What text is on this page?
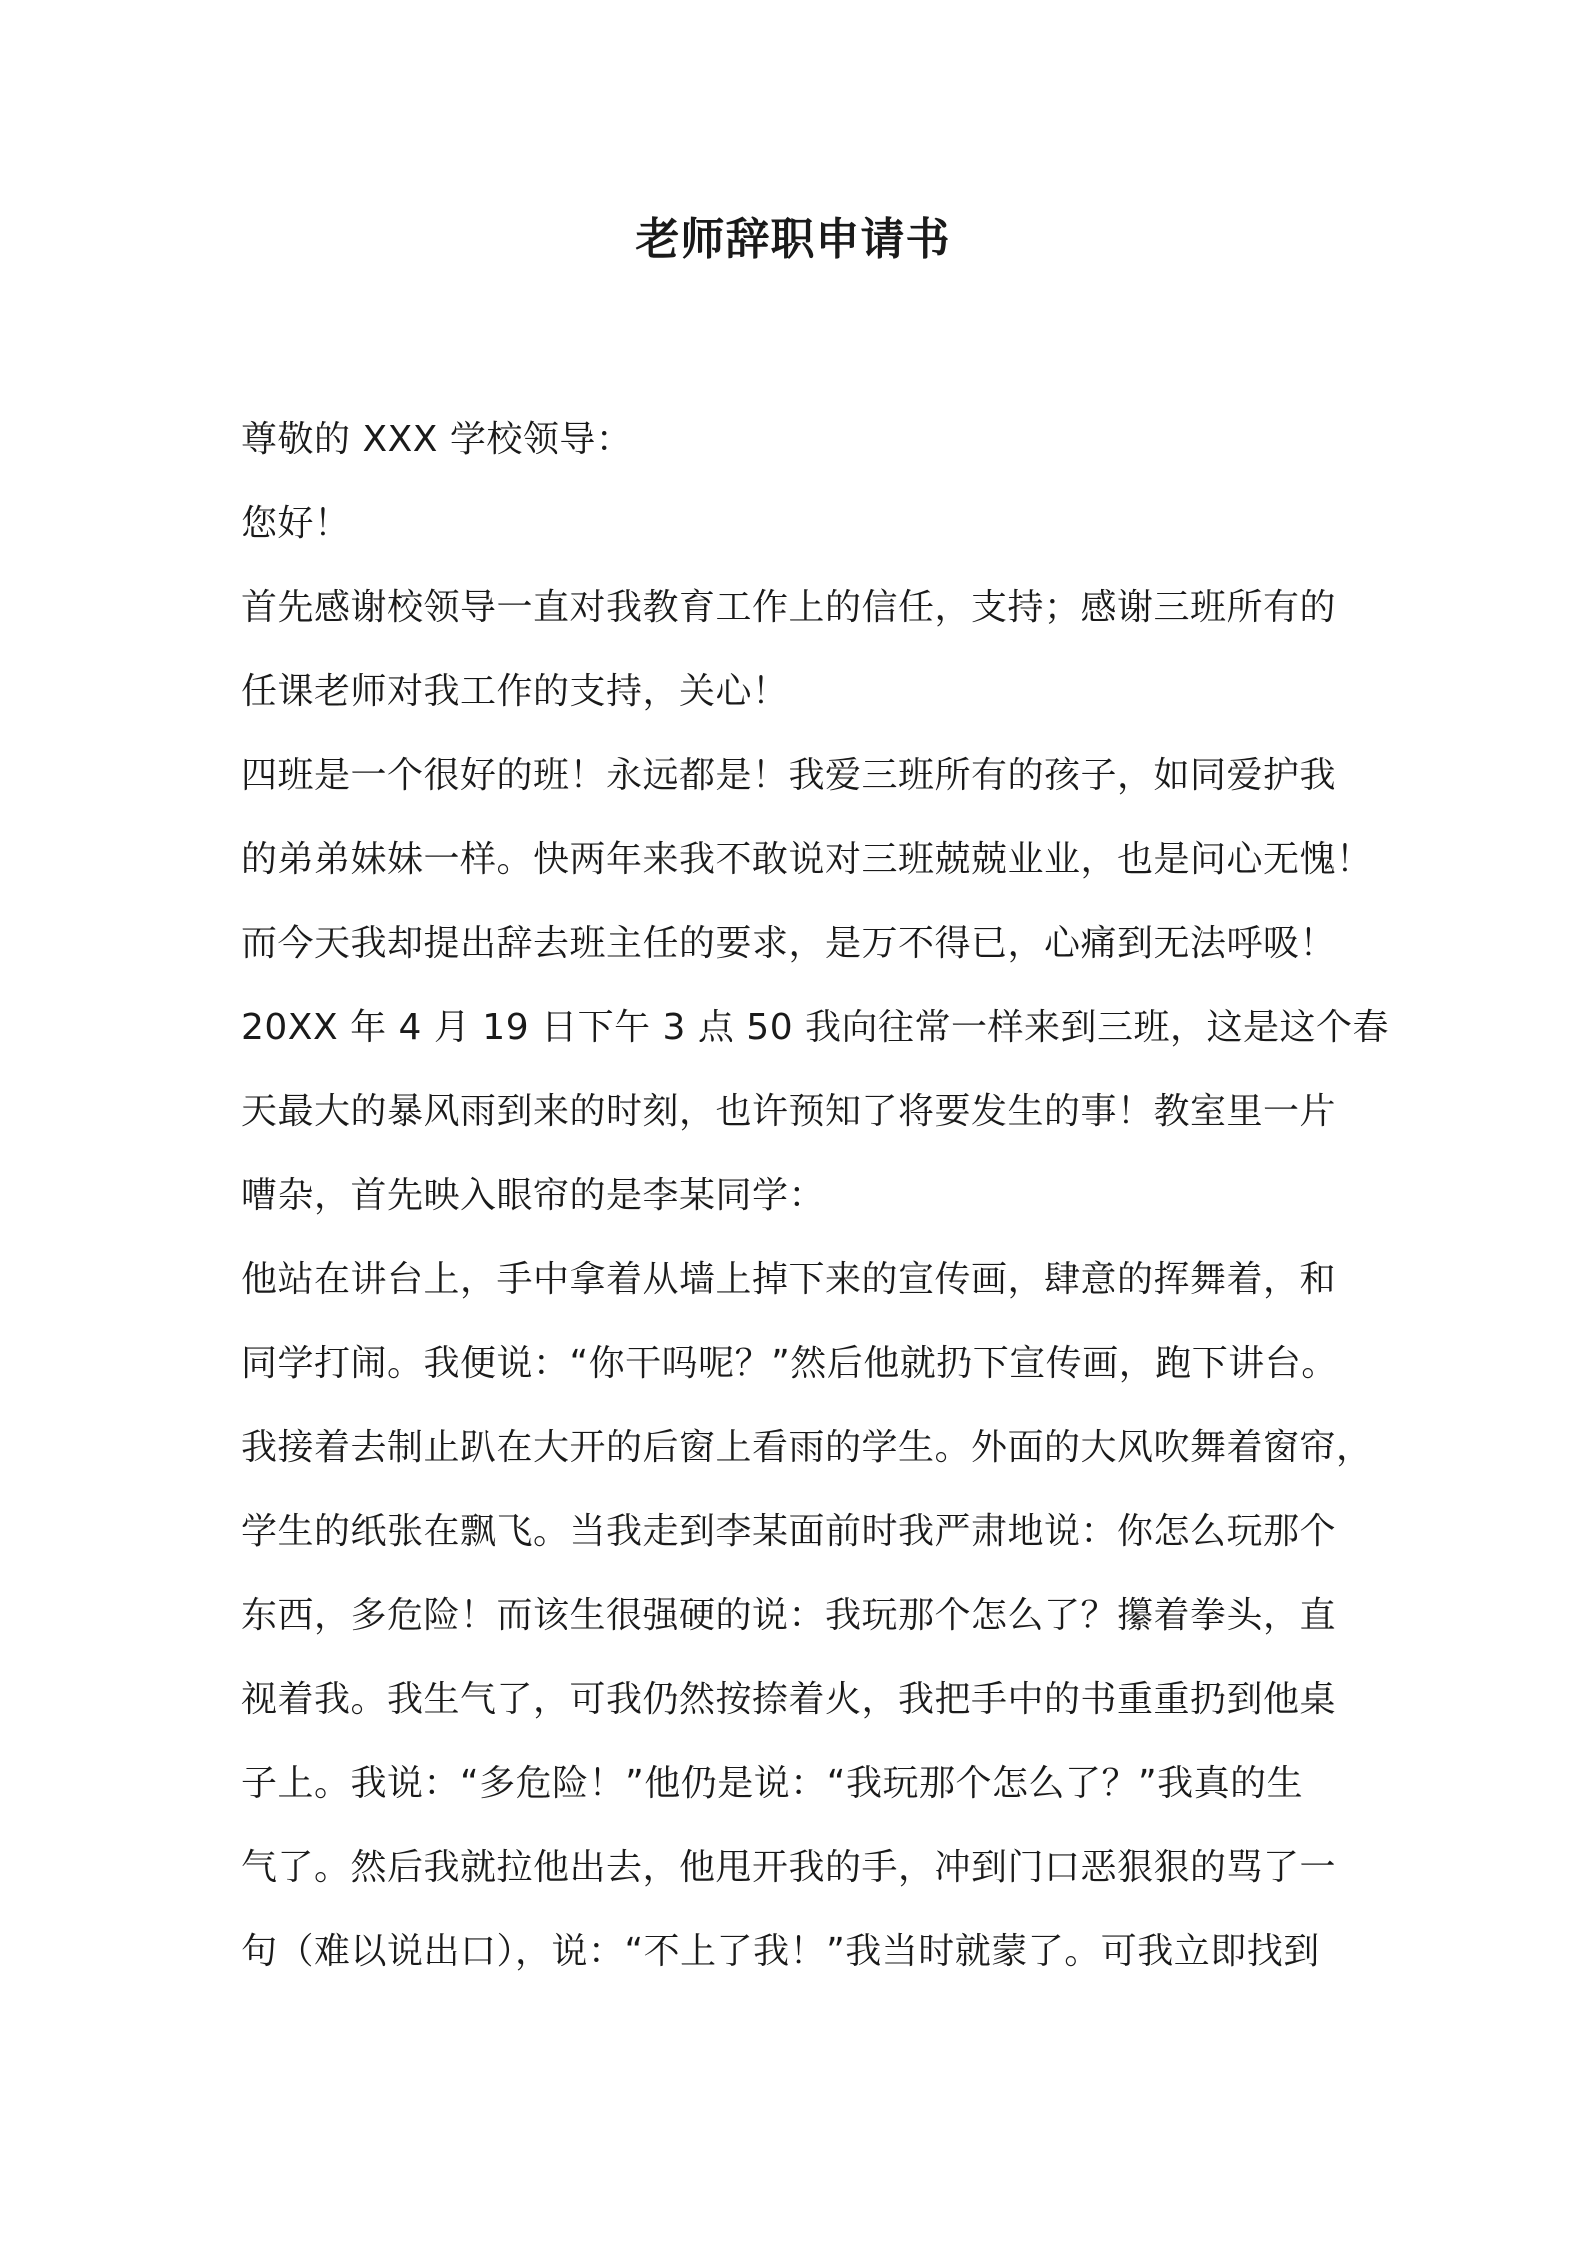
老师辞职申请书
尊敬的 XXX 学校领导：
您好！
首先感谢校领导一直对我教育工作上的信任，支持；感谢三班所有的
任课老师对我工作的支持，关心！
四班是一个很好的班！永远都是！我爱三班所有的孩子，如同爱护我
的弟弟妹妹一样。快两年来我不敢说对三班兢兢业业，也是问心无愧！
而今天我却提出辞去班主任的要求，是万不得已，心痛到无法呼吸！
20XX 年 4 月 19 日下午 3 点 50 我向往常一样来到三班，这是这个春
天最大的暴风雨到来的时刻，也许预知了将要发生的事！教室里一片
嘈杂，首先映入眼帘的是李某同学：
他站在讲台上，手中拿着从墙上掉下来的宣传画，肆意的挥舞着，和
同学打闹。我便说：“你干吗呢？”然后他就扔下宣传画，跑下讲台。
我接着去制止趴在大开的后窗上看雨的学生。外面的大风吹舞着窗帘，
学生的纸张在飘飞。当我走到李某面前时我严肃地说：你怎么玩那个
东西，多危险！而该生很强硬的说：我玩那个怎么了？攥着拳头，直
视着我。我生气了，可我仍然按捺着火，我把手中的书重重扔到他桌
子上。我说：“多危险！”他仍是说：“我玩那个怎么了？”我真的生
气了。然后我就拉他出去，他甩开我的手，冲到门口恶狠狠的骂了一
句（难以说出口），说：“不上了我！”我当时就蒙了。可我立即找到
